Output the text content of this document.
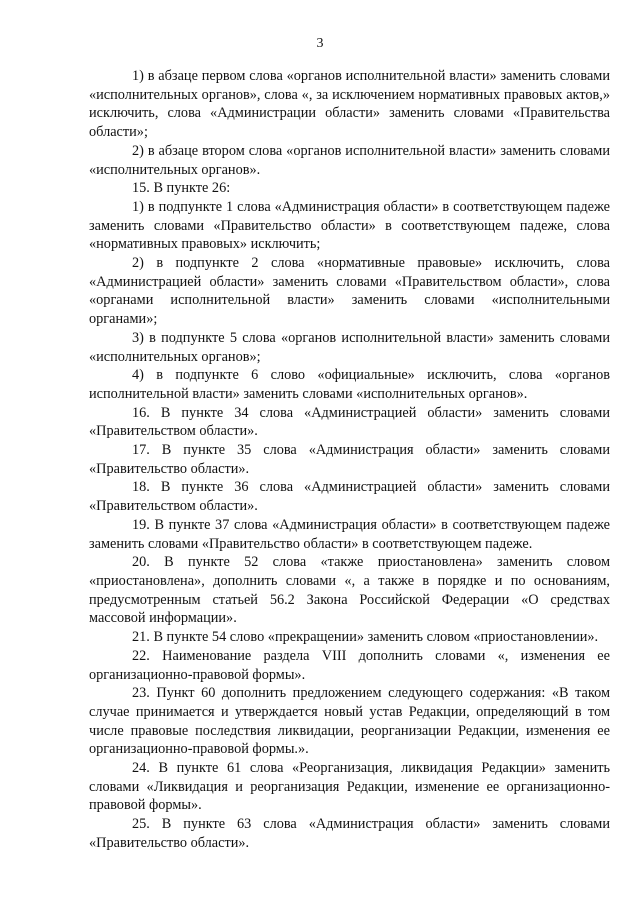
3

1) в абзаце первом слова «органов исполнительной власти» заменить словами «исполнительных органов», слова «, за исключением нормативных правовых актов,» исключить, слова «Администрации области» заменить словами «Правительства области»;

2) в абзаце втором слова «органов исполнительной власти» заменить словами «исполнительных органов».

15. В пункте 26:

1) в подпункте 1 слова «Администрация области» в соответствующем падеже заменить словами «Правительство области» в соответствующем падеже, слова «нормативных правовых» исключить;

2) в подпункте 2 слова «нормативные правовые» исключить, слова «Администрацией области» заменить словами «Правительством области», слова «органами исполнительной власти» заменить словами «исполнительными органами»;

3) в подпункте 5 слова «органов исполнительной власти» заменить словами «исполнительных органов»;

4) в подпункте 6 слово «официальные» исключить, слова «органов исполнительной власти» заменить словами «исполнительных органов».

16. В пункте 34 слова «Администрацией области» заменить словами «Правительством области».

17. В пункте 35 слова «Администрация области» заменить словами «Правительство области».

18. В пункте 36 слова «Администрацией области» заменить словами «Правительством области».

19. В пункте 37 слова «Администрация области» в соответствующем падеже заменить словами «Правительство области» в соответствующем падеже.

20. В пункте 52 слова «также приостановлена» заменить словом «приостановлена», дополнить словами «, а также в порядке и по основаниям, предусмотренным статьей 56.2 Закона Российской Федерации «О средствах массовой информации».

21. В пункте 54 слово «прекращении» заменить словом «приостановлении».

22. Наименование раздела VIII дополнить словами «, изменения ее организационно-правовой формы».

23. Пункт 60 дополнить предложением следующего содержания: «В таком случае принимается и утверждается новый устав Редакции, определяющий в том числе правовые последствия ликвидации, реорганизации Редакции, изменения ее организационно-правовой формы.».

24. В пункте 61 слова «Реорганизация, ликвидация Редакции» заменить словами «Ликвидация и реорганизация Редакции, изменение ее организационно-правовой формы».

25. В пункте 63 слова «Администрация области» заменить словами «Правительство области».
